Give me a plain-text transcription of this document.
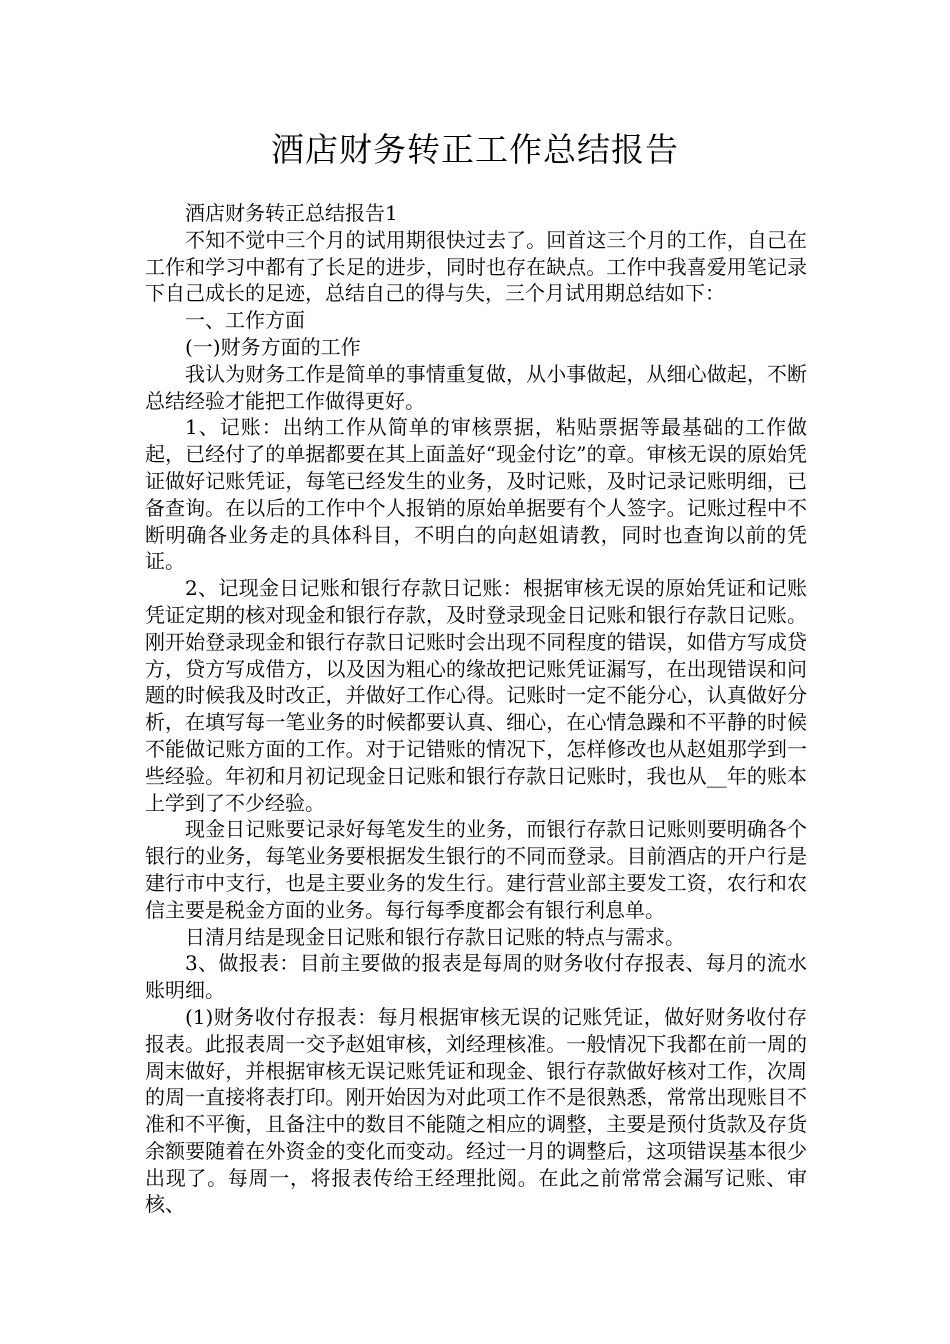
酒店财务转正工作总结报告

酒店财务转正总结报告1

不知不觉中三个月的试用期很快过去了。回首这三个月的工作，自己在工作和学习中都有了长足的进步，同时也存在缺点。工作中我喜爱用笔记录下自己成长的足迹，总结自己的得与失，三个月试用期总结如下：

一、工作方面

(一)财务方面的工作

我认为财务工作是简单的事情重复做，从小事做起，从细心做起，不断总结经验才能把工作做得更好。

1、记账：出纳工作从简单的审核票据，粘贴票据等最基础的工作做起，已经付了的单据都要在其上面盖好“现金付讫”的章。审核无误的原始凭证做好记账凭证，每笔已经发生的业务，及时记账，及时记录记账明细，已备查询。在以后的工作中个人报销的原始单据要有个人签字。记账过程中不断明确各业务走的具体科目，不明白的向赵姐请教，同时也查询以前的凭证。

2、记现金日记账和银行存款日记账：根据审核无误的原始凭证和记账凭证定期的核对现金和银行存款，及时登录现金日记账和银行存款日记账。刚开始登录现金和银行存款日记账时会出现不同程度的错误，如借方写成贷方，贷方写成借方，以及因为粗心的缘故把记账凭证漏写，在出现错误和问题的时候我及时改正，并做好工作心得。记账时一定不能分心，认真做好分析，在填写每一笔业务的时候都要认真、细心，在心情急躁和不平静的时候不能做记账方面的工作。对于记错账的情况下，怎样修改也从赵姐那学到一些经验。年初和月初记现金日记账和银行存款日记账时，我也从__年的账本上学到了不少经验。

现金日记账要记录好每笔发生的业务，而银行存款日记账则要明确各个银行的业务，每笔业务要根据发生银行的不同而登录。目前酒店的开户行是建行市中支行，也是主要业务的发生行。建行营业部主要发工资，农行和农信主要是税金方面的业务。每行每季度都会有银行利息单。

日清月结是现金日记账和银行存款日记账的特点与需求。

3、做报表：目前主要做的报表是每周的财务收付存报表、每月的流水账明细。

(1)财务收付存报表：每月根据审核无误的记账凭证，做好财务收付存报表。此报表周一交予赵姐审核，刘经理核准。一般情况下我都在前一周的周末做好，并根据审核无误记账凭证和现金、银行存款做好核对工作，次周的周一直接将表打印。刚开始因为对此项工作不是很熟悉，常常出现账目不准和不平衡，且备注中的数目不能随之相应的调整，主要是预付货款及存货余额要随着在外资金的变化而变动。经过一月的调整后，这项错误基本很少出现了。每周一，将报表传给王经理批阅。在此之前常常会漏写记账、审核、
